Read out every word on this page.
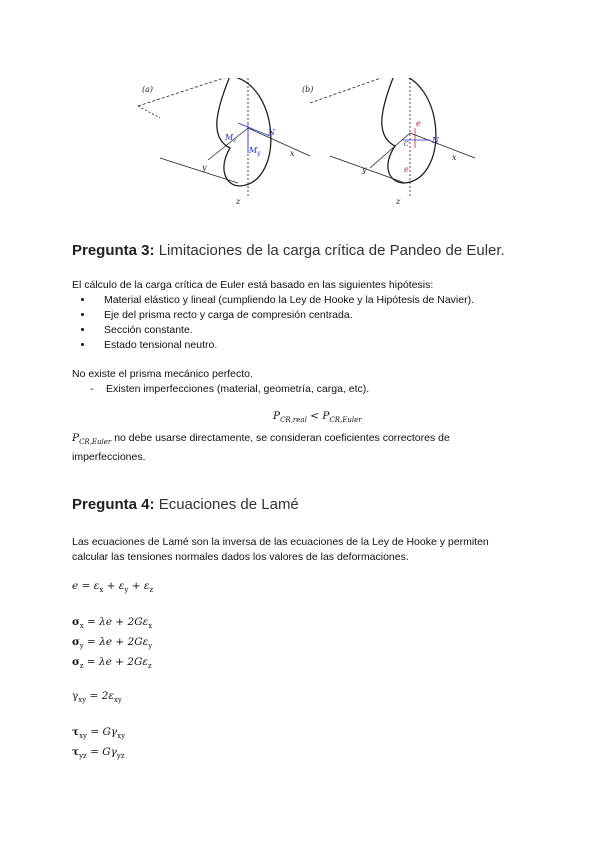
(a)	(b)
M z
M y
N
x
y
z
N
x
y
z
e
e
C
Pregunta 3: Limitaciones de la carga crítica de Pandeo de Euler.
El cálculo de la carga crítica de Euler está basado en las siguientes hipótesis:
• Material elástico y lineal (cumpliendo la Ley de Hooke y la Hipótesis de Navier).
• Eje del prisma recto y carga de compresión centrada.
• Sección constante.
• Estado tensional neutro.
No existe el prisma mecánico perfecto.
-	Existen imperfecciones (material, geometría, carga, etc).
$P_{CR,real} < P_{CR,Euler}$
$P_{CR,Euler}$ no debe usarse directamente, se consideran coeficientes correctores de
imperfecciones.
Pregunta 4: Ecuaciones de Lamé
Las ecuaciones de Lamé son la inversa de las ecuaciones de la Ley de Hooke y permiten
calcular las tensiones normales dados los valores de las deformaciones.
$e = \varepsilon_x + \varepsilon_y + \varepsilon_z$
$\sigma_x = \lambda e + 2G\varepsilon_x$
$\sigma_y = \lambda e + 2G\varepsilon_y$
$\sigma_z = \lambda e + 2G\varepsilon_z$
$\gamma_{xy} = 2\varepsilon_{xy}$
$\tau_{xy} = G\gamma_{xy}$
$\tau_{yz} = G\gamma_{yz}$
